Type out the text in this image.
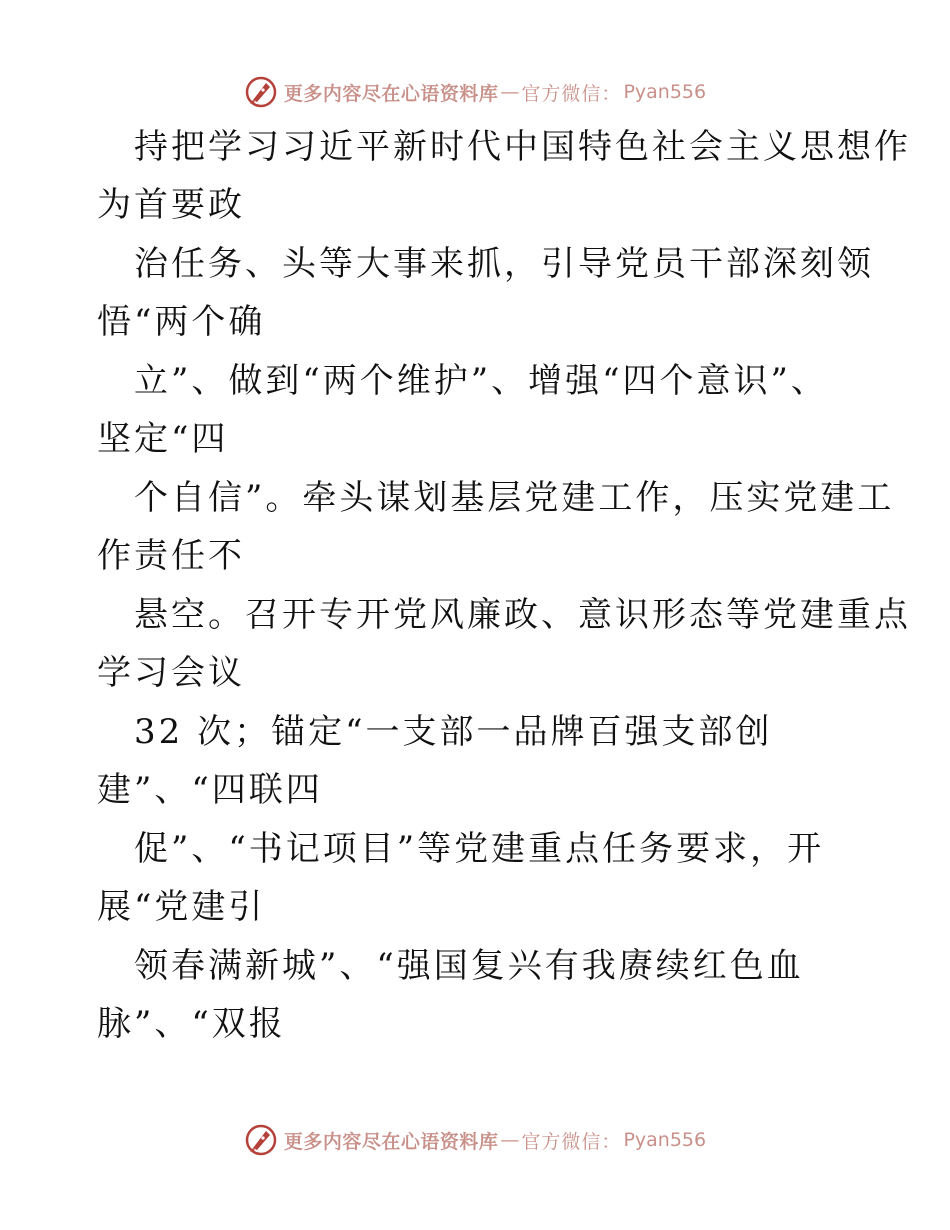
更多内容尽在心语资料库 — 官方微信： Pyan556
持把学习习近平新时代中国特色社会主义思想作
为首要政
治任务、头等大事来抓，引导党员干部深刻领
悟“两个确
立”、做到“两个维护”、增强“四个意识”、
坚定“四
个自信”。牵头谋划基层党建工作，压实党建工
作责任不
悬空。召开专开党风廉政、意识形态等党建重点
学习会议
32 次；锚定“一支部一品牌百强支部创
建”、“四联四
促”、“书记项目”等党建重点任务要求，开
展“党建引
领春满新城”、“强国复兴有我赓续红色血
脉”、“双报
更多内容尽在心语资料库 — 官方微信： Pyan556
